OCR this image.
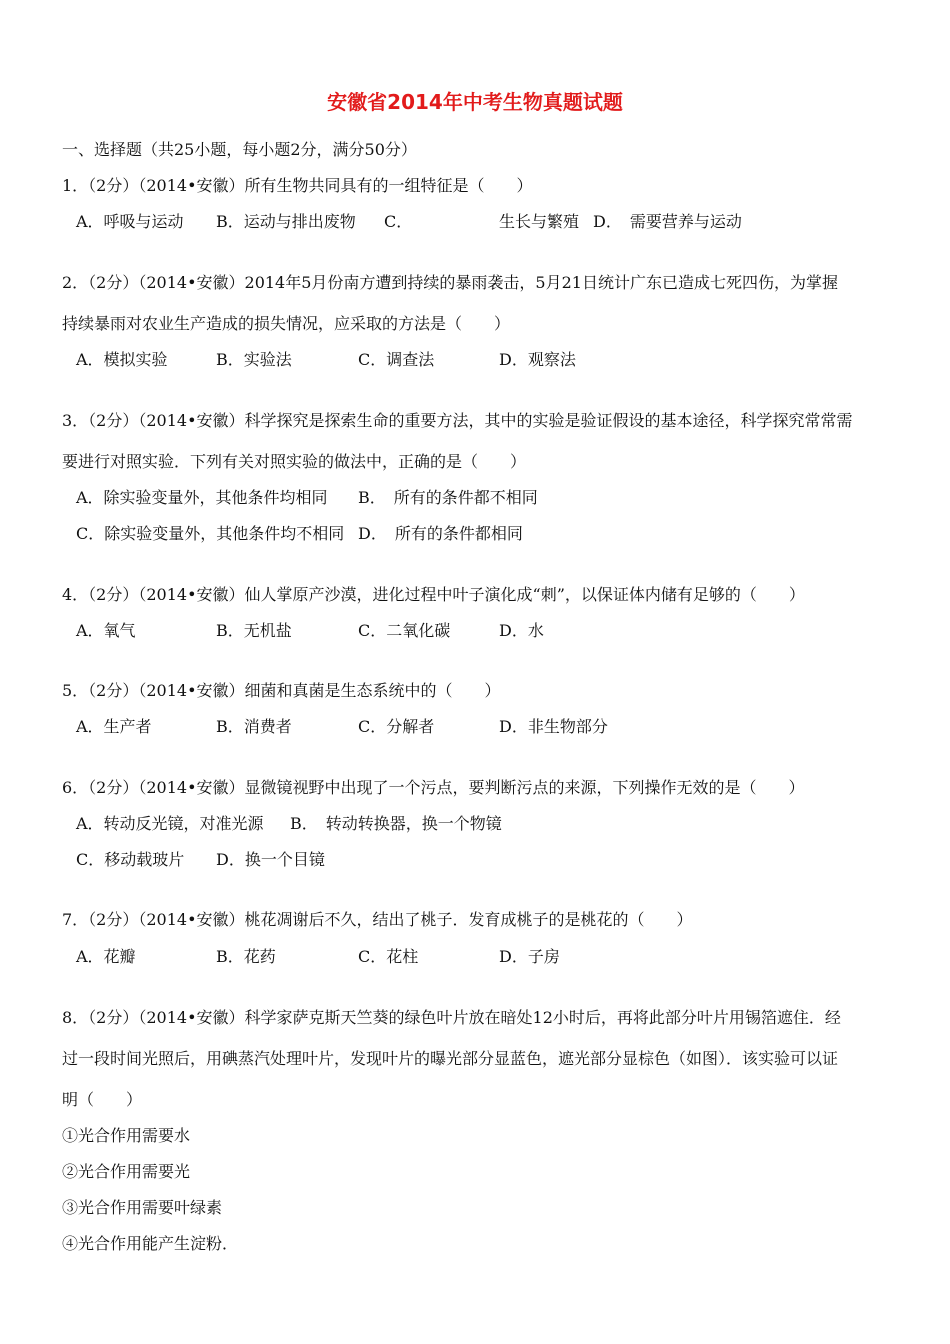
安徽省2014年中考生物真题试题
一、选择题（共25小题，每小题2分，满分50分）
1．（2分）（2014•安徽）所有生物共同具有的一组特征是（　　）
A．呼吸与运动 B．运动与排出废物 C．	生长与繁殖 D．　需要营养与运动
2．（2分）（2014•安徽）2014年5月份南方遭到持续的暴雨袭击，5月21日统计广东已造成七死四伤，为掌握
持续暴雨对农业生产造成的损失情况，应采取的方法是（　　）
A．模拟实验	B．实验法	C．调查法	D．观察法
3．（2分）（2014•安徽）科学探究是探索生命的重要方法，其中的实验是验证假设的基本途径，科学探究常常需
要进行对照实验．下列有关对照实验的做法中，正确的是（　　）
A．除实验变量外，其他条件均相同 B．　所有的条件都不相同
C．除实验变量外，其他条件均不相同 D．　所有的条件都相同
4．（2分）（2014•安徽）仙人掌原产沙漠，进化过程中叶子演化成“刺”，以保证体内储有足够的（　　）
A．氧气	B．无机盐	C．二氧化碳	D．水
5．（2分）（2014•安徽）细菌和真菌是生态系统中的（　　）
A．生产者	B．消费者	C．分解者	D．非生物部分
6．（2分）（2014•安徽）显微镜视野中出现了一个污点，要判断污点的来源，下列操作无效的是（　　）
A．转动反光镜，对准光源 B．　转动转换器，换一个物镜
C．移动载玻片 D．换一个目镜
7．（2分）（2014•安徽）桃花凋谢后不久，结出了桃子．发育成桃子的是桃花的（　　）
A．花瓣	B．花药	C．花柱	D．子房
8．（2分）（2014•安徽）科学家萨克斯天竺葵的绿色叶片放在暗处12小时后，再将此部分叶片用锡箔遮住．经
过一段时间光照后，用碘蒸汽处理叶片，发现叶片的曝光部分显蓝色，遮光部分显棕色（如图）．该实验可以证
明（　　）
①光合作用需要水
②光合作用需要光
③光合作用需要叶绿素
④光合作用能产生淀粉．
